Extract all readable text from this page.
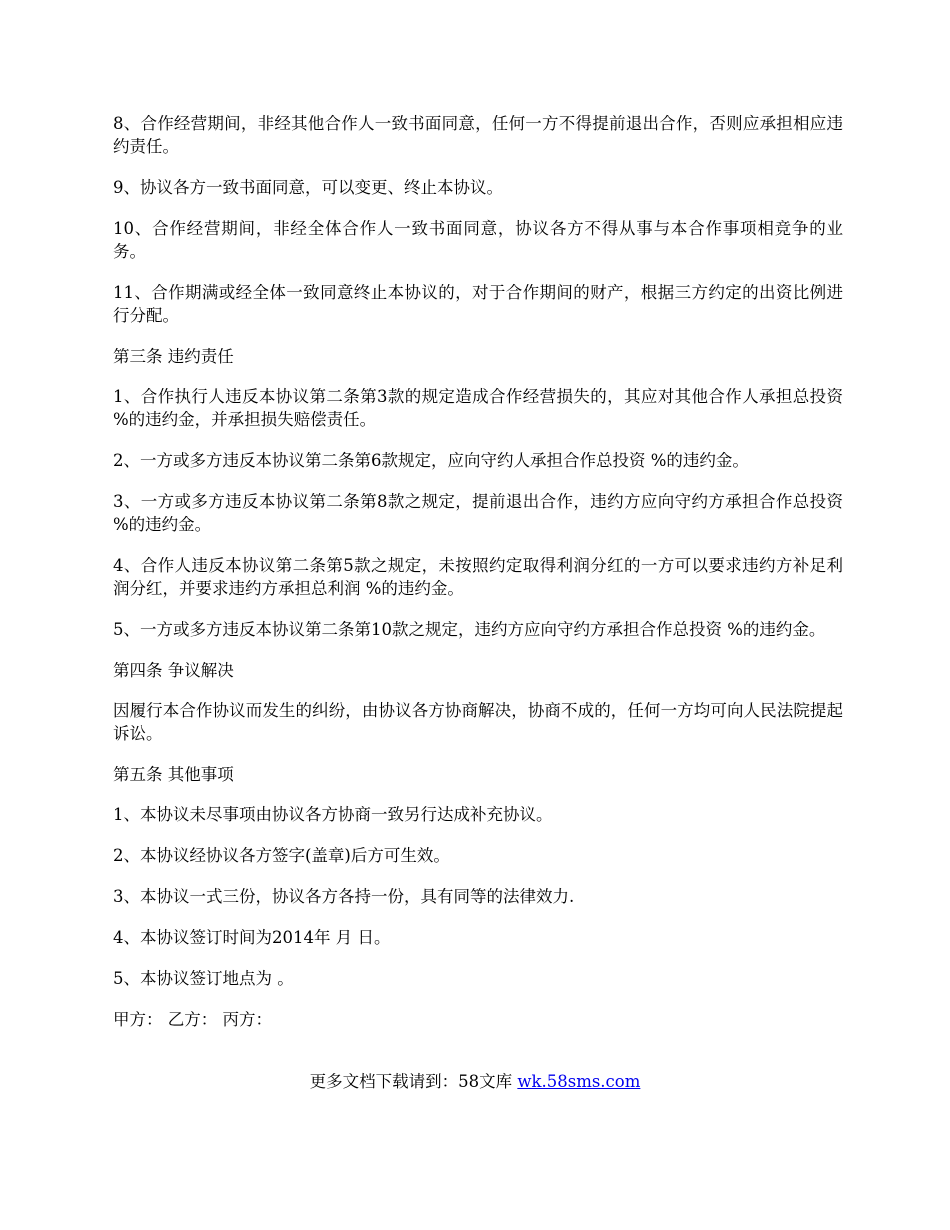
8、合作经营期间，非经其他合作人一致书面同意，任何一方不得提前退出合作，否则应承担相应违约责任。

9、协议各方一致书面同意，可以变更、终止本协议。

10、合作经营期间，非经全体合作人一致书面同意，协议各方不得从事与本合作事项相竞争的业务。

11、合作期满或经全体一致同意终止本协议的，对于合作期间的财产，根据三方约定的出资比例进行分配。

第三条 违约责任

1、合作执行人违反本协议第二条第3款的规定造成合作经营损失的，其应对其他合作人承担总投资 %的违约金，并承担损失赔偿责任。

2、一方或多方违反本协议第二条第6款规定，应向守约人承担合作总投资 %的违约金。

3、一方或多方违反本协议第二条第8款之规定，提前退出合作，违约方应向守约方承担合作总投资 %的违约金。

4、合作人违反本协议第二条第5款之规定，未按照约定取得利润分红的一方可以要求违约方补足利润分红，并要求违约方承担总利润 %的违约金。

5、一方或多方违反本协议第二条第10款之规定，违约方应向守约方承担合作总投资 %的违约金。

第四条 争议解决

因履行本合作协议而发生的纠纷，由协议各方协商解决，协商不成的，任何一方均可向人民法院提起诉讼。

第五条 其他事项

1、本协议未尽事项由协议各方协商一致另行达成补充协议。

2、本协议经协议各方签字(盖章)后方可生效。

3、本协议一式三份，协议各方各持一份，具有同等的法律效力.

4、本协议签订时间为2014年 月 日。

5、本协议签订地点为 。

甲方： 乙方： 丙方：

更多文档下载请到：58文库 wk.58sms.com
